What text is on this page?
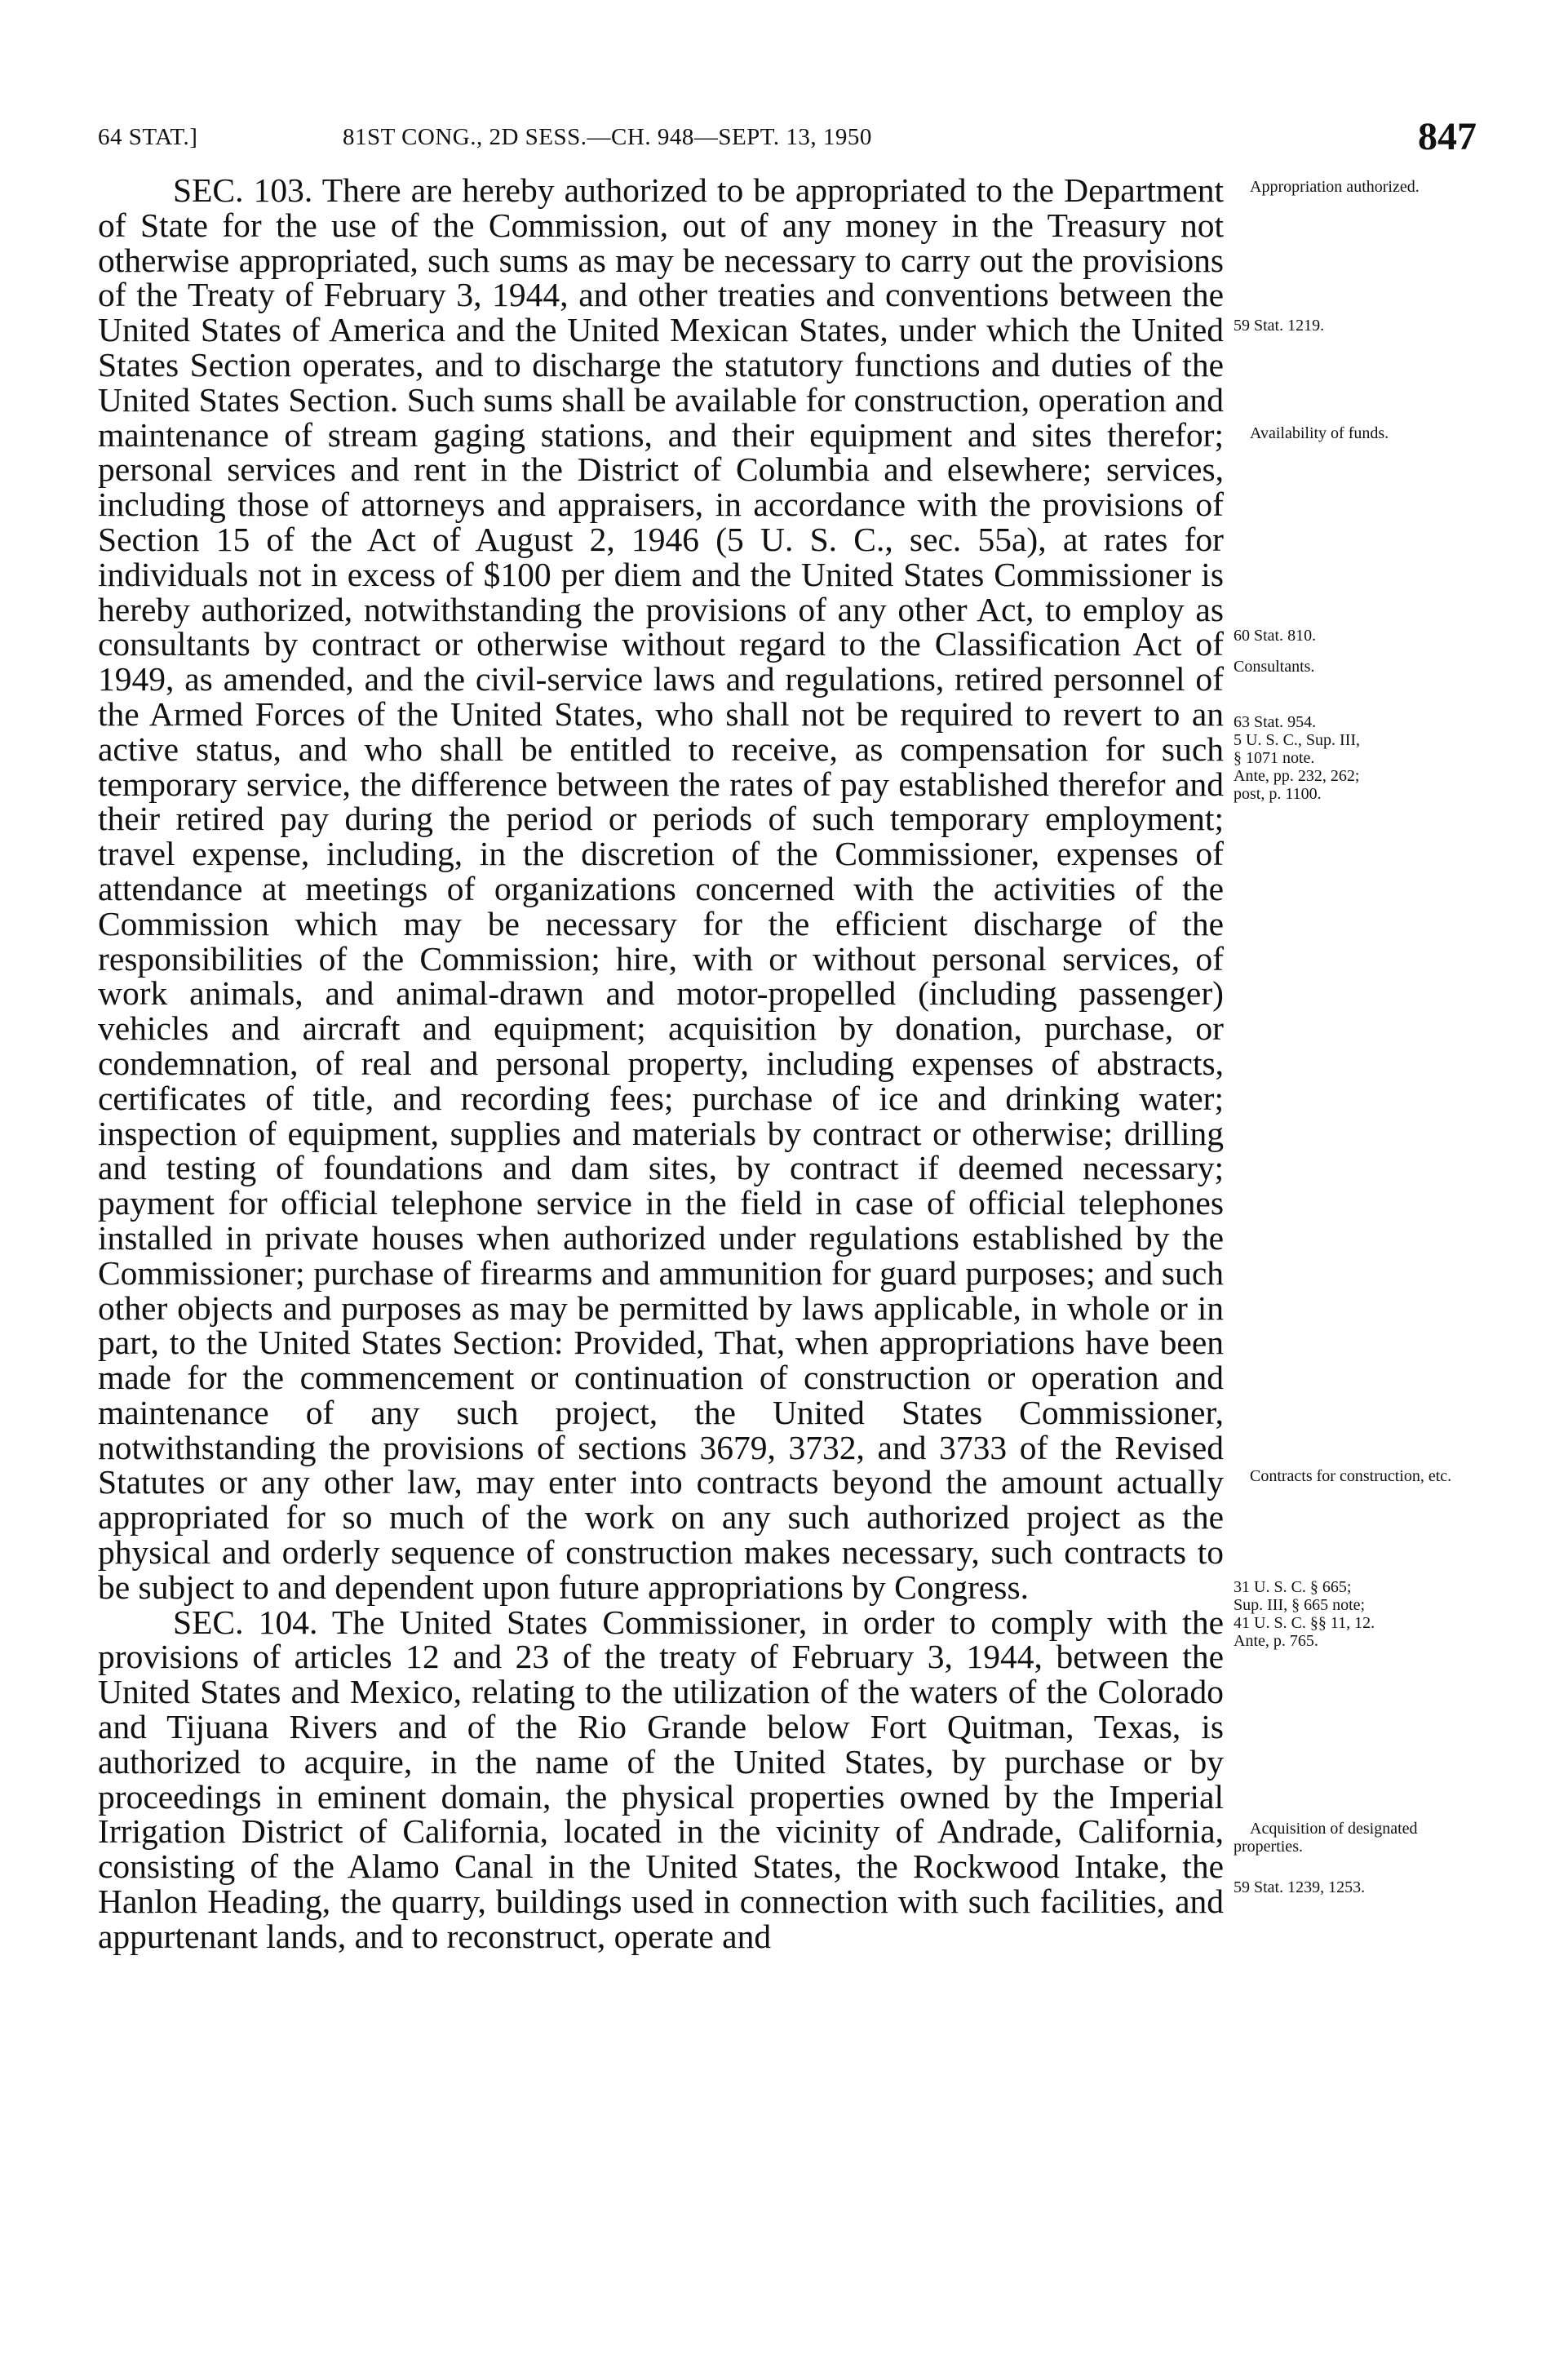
64 STAT.]	81ST CONG., 2D SESS.—CH. 948—SEPT. 13, 1950	847

SEC. 103. There are hereby authorized to be appropriated to the Department of State for the use of the Commission, out of any money in the Treasury not otherwise appropriated, such sums as may be necessary to carry out the provisions of the Treaty of February 3, 1944, and other treaties and conventions between the United States of America and the United Mexican States, under which the United States Section operates, and to discharge the statutory functions and duties of the United States Section. Such sums shall be available for construction, operation and maintenance of stream gaging stations, and their equipment and sites therefor; personal services and rent in the District of Columbia and elsewhere; services, including those of attorneys and appraisers, in accordance with the provisions of Section 15 of the Act of August 2, 1946 (5 U. S. C., sec. 55a), at rates for individuals not in excess of $100 per diem and the United States Commissioner is hereby authorized, notwithstanding the provisions of any other Act, to employ as consultants by contract or otherwise without regard to the Classification Act of 1949, as amended, and the civil-service laws and regulations, retired personnel of the Armed Forces of the United States, who shall not be required to revert to an active status, and who shall be entitled to receive, as compensation for such temporary service, the difference between the rates of pay established therefor and their retired pay during the period or periods of such temporary employment; travel expense, including, in the discretion of the Commissioner, expenses of attendance at meetings of organizations concerned with the activities of the Commission which may be necessary for the efficient discharge of the responsibilities of the Commission; hire, with or without personal services, of work animals, and animal-drawn and motor-propelled (including passenger) vehicles and aircraft and equipment; acquisition by donation, purchase, or condemnation, of real and personal property, including expenses of abstracts, certificates of title, and recording fees; purchase of ice and drinking water; inspection of equipment, supplies and materials by contract or otherwise; drilling and testing of foundations and dam sites, by contract if deemed necessary; payment for official telephone service in the field in case of official telephones installed in private houses when authorized under regulations established by the Commissioner; purchase of firearms and ammunition for guard purposes; and such other objects and purposes as may be permitted by laws applicable, in whole or in part, to the United States Section: Provided, That, when appropriations have been made for the commencement or continuation of construction or operation and maintenance of any such project, the United States Commissioner, notwithstanding the provisions of sections 3679, 3732, and 3733 of the Revised Statutes or any other law, may enter into contracts beyond the amount actually appropriated for so much of the work on any such authorized project as the physical and orderly sequence of construction makes necessary, such contracts to be subject to and dependent upon future appropriations by Congress.

SEC. 104. The United States Commissioner, in order to comply with the provisions of articles 12 and 23 of the treaty of February 3, 1944, between the United States and Mexico, relating to the utilization of the waters of the Colorado and Tijuana Rivers and of the Rio Grande below Fort Quitman, Texas, is authorized to acquire, in the name of the United States, by purchase or by proceedings in eminent domain, the physical properties owned by the Imperial Irrigation District of California, located in the vicinity of Andrade, California, consisting of the Alamo Canal in the United States, the Rockwood Intake, the Hanlon Heading, the quarry, buildings used in connection with such facilities, and appurtenant lands, and to reconstruct, operate and

Appropriation authorized.
59 Stat. 1219.
Availability of funds.
60 Stat. 810.
Consultants.
63 Stat. 954.
5 U. S. C., Sup. III,
§ 1071 note.
Ante, pp. 232, 262;
post, p. 1100.
Contracts for construction, etc.
31 U. S. C. § 665;
Sup. III, § 665 note;
41 U. S. C. §§ 11, 12.
Ante, p. 765.
Acquisition of designated properties.
59 Stat. 1239, 1253.
